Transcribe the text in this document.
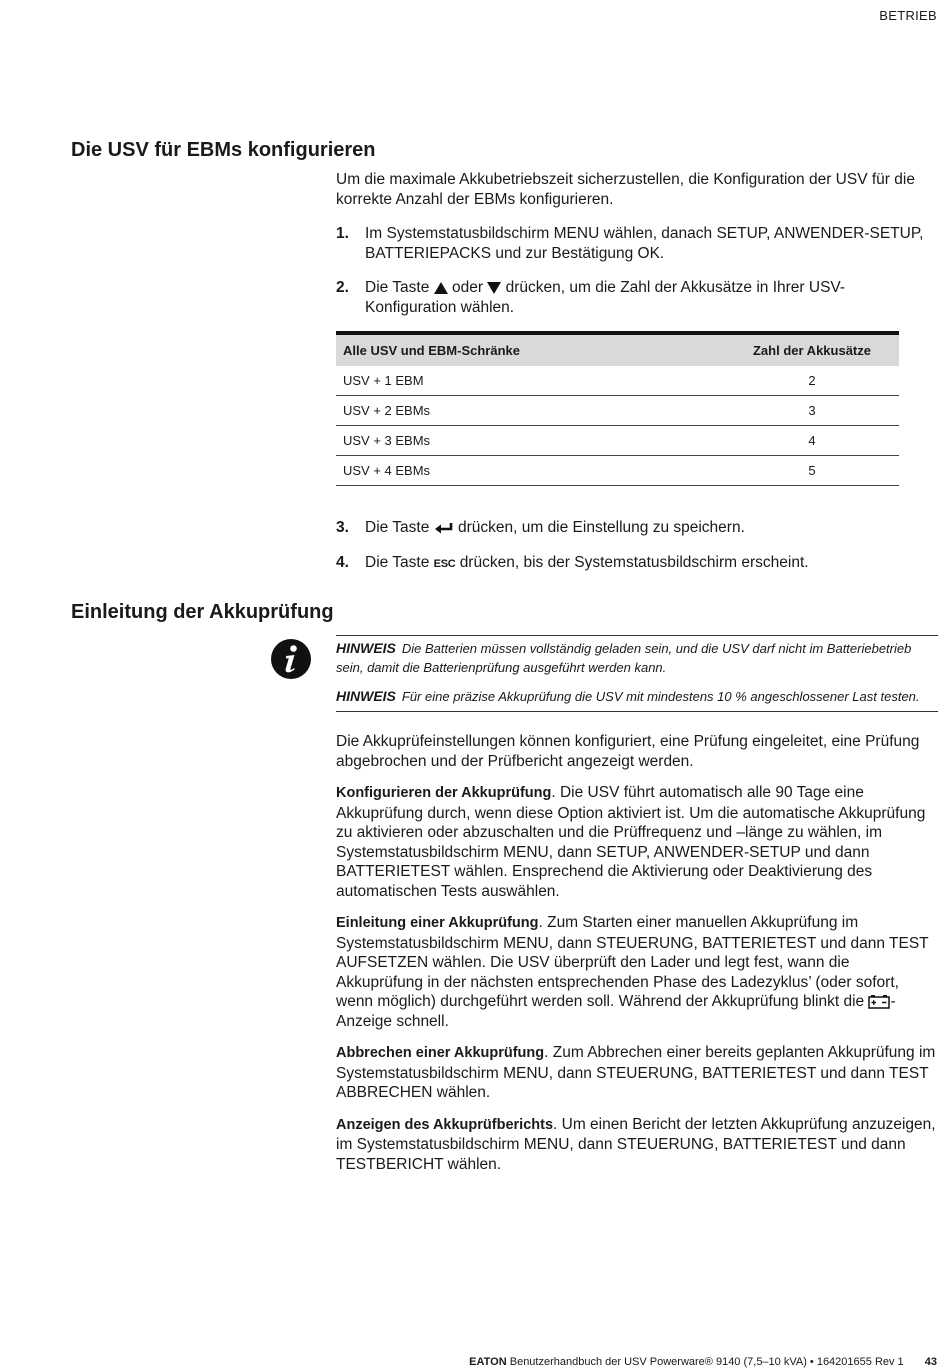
BETRIEB
Die USV für EBMs konfigurieren

Um die maximale Akkubetriebszeit sicherzustellen, die Konfiguration der USV für die korrekte Anzahl der EBMs konfigurieren.

1. Im Systemstatusbildschirm MENU wählen, danach SETUP, ANWENDER-SETUP, BATTERIEPACKS und zur Bestätigung OK.
2. Die Taste oder drücken, um die Zahl der Akkusätze in Ihrer USV-Konfiguration wählen.
Alle USV und EBM-Schränke	Zahl der Akkusätze
USV + 1 EBM	2
USV + 2 EBMs	3
USV + 3 EBMs	4
USV + 4 EBMs	5
3. Die Taste drücken, um die Einstellung zu speichern.
4. Die Taste ESC drücken, bis der Systemstatusbildschirm erscheint.
Einleitung der Akkuprüfung
HINWEIS Die Batterien müssen vollständig geladen sein, und die USV darf nicht im Batteriebetrieb sein, damit die Batterienprüfung ausgeführt werden kann.
HINWEIS Für eine präzise Akkuprüfung die USV mit mindestens 10 % angeschlossener Last testen.

Die Akkuprüfeinstellungen können konfiguriert, eine Prüfung eingeleitet, eine Prüfung abgebrochen und der Prüfbericht angezeigt werden.

Konfigurieren der Akkuprüfung. Die USV führt automatisch alle 90 Tage eine Akkuprüfung durch, wenn diese Option aktiviert ist. Um die automatische Akkuprüfung zu aktivieren oder abzuschalten und die Prüffrequenz und –länge zu wählen, im Systemstatusbildschirm MENU, dann SETUP, ANWENDER-SETUP und dann BATTERIETEST wählen. Ensprechend die Aktivierung oder Deaktivierung des automatischen Tests auswählen.

Einleitung einer Akkuprüfung. Zum Starten einer manuellen Akkuprüfung im Systemstatusbildschirm MENU, dann STEUERUNG, BATTERIETEST und dann TEST AUFSETZEN wählen. Die USV überprüft den Lader und legt fest, wann die Akkuprüfung in der nächsten entsprechenden Phase des Ladezyklus’ (oder sofort, wenn möglich) durchgeführt werden soll. Während der Akkuprüfung blinkt die -Anzeige schnell.

Abbrechen einer Akkuprüfung. Zum Abbrechen einer bereits geplanten Akkuprüfung im Systemstatusbildschirm MENU, dann STEUERUNG, BATTERIETEST und dann TEST ABBRECHEN wählen.

Anzeigen des Akkuprüfberichts. Um einen Bericht der letzten Akkuprüfung anzuzeigen, im Systemstatusbildschirm MENU, dann STEUERUNG, BATTERIETEST und dann TESTBERICHT wählen.

EATON Benutzerhandbuch der USV Powerware® 9140 (7,5–10 kVA) • 164201655 Rev 1 43
